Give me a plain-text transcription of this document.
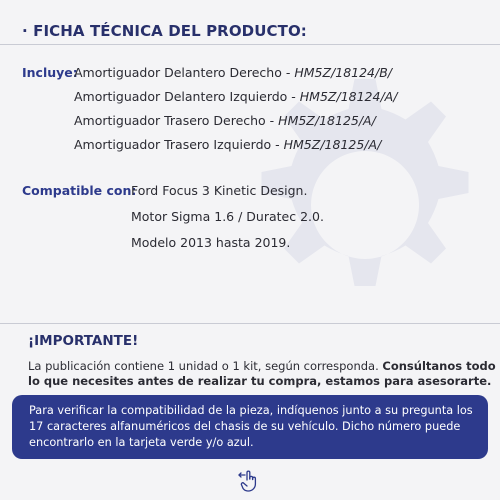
· FICHA TÉCNICA DEL PRODUCTO:
Incluye:
Amortiguador Delantero Derecho - HM5Z/18124/B/
Amortiguador Delantero Izquierdo - HM5Z/18124/A/
Amortiguador Trasero Derecho - HM5Z/18125/A/
Amortiguador Trasero Izquierdo - HM5Z/18125/A/
Compatible con:
Ford Focus 3 Kinetic Design.
Motor Sigma 1.6 / Duratec 2.0.
Modelo 2013 hasta 2019.
¡IMPORTANTE!
La publicación contiene 1 unidad o 1 kit, según corresponda. Consúltanos todo lo que necesites antes de realizar tu compra, estamos para asesorarte.
Para verificar la compatibilidad de la pieza, indíquenos junto a su pregunta los 17 caracteres alfanuméricos del chasis de su vehículo. Dicho número puede encontrarlo en la tarjeta verde y/o azul.
